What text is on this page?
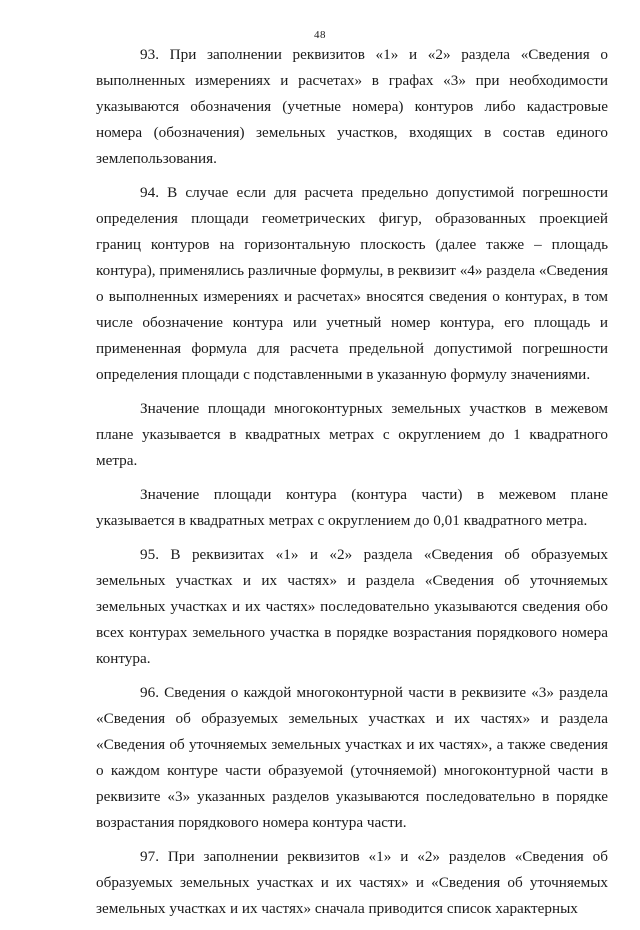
48

93. При заполнении реквизитов «1» и «2» раздела «Сведения о выполненных измерениях и расчетах» в графах «3» при необходимости указываются обозначения (учетные номера) контуров либо кадастровые номера (обозначения) земельных участков, входящих в состав единого землепользования.

94. В случае если для расчета предельно допустимой погрешности определения площади геометрических фигур, образованных проекцией границ контуров на горизонтальную плоскость (далее также – площадь контура), применялись различные формулы, в реквизит «4» раздела «Сведения о выполненных измерениях и расчетах» вносятся сведения о контурах, в том числе обозначение контура или учетный номер контура, его площадь и примененная формула для расчета предельной допустимой погрешности определения площади с подставленными в указанную формулу значениями.

Значение площади многоконтурных земельных участков в межевом плане указывается в квадратных метрах с округлением до 1 квадратного метра.

Значение площади контура (контура части) в межевом плане указывается в квадратных метрах с округлением до 0,01 квадратного метра.

95. В реквизитах «1» и «2» раздела «Сведения об образуемых земельных участках и их частях» и раздела «Сведения об уточняемых земельных участках и их частях» последовательно указываются сведения обо всех контурах земельного участка в порядке возрастания порядкового номера контура.

96. Сведения о каждой многоконтурной части в реквизите «3» раздела «Сведения об образуемых земельных участках и их частях» и раздела «Сведения об уточняемых земельных участках и их частях», а также сведения о каждом контуре части образуемой (уточняемой) многоконтурной части в реквизите «3» указанных разделов указываются последовательно в порядке возрастания порядкового номера контура части.

97. При заполнении реквизитов «1» и «2» разделов «Сведения об образуемых земельных участках и их частях» и «Сведения об уточняемых земельных участках и их частях» сначала приводится список характерных
